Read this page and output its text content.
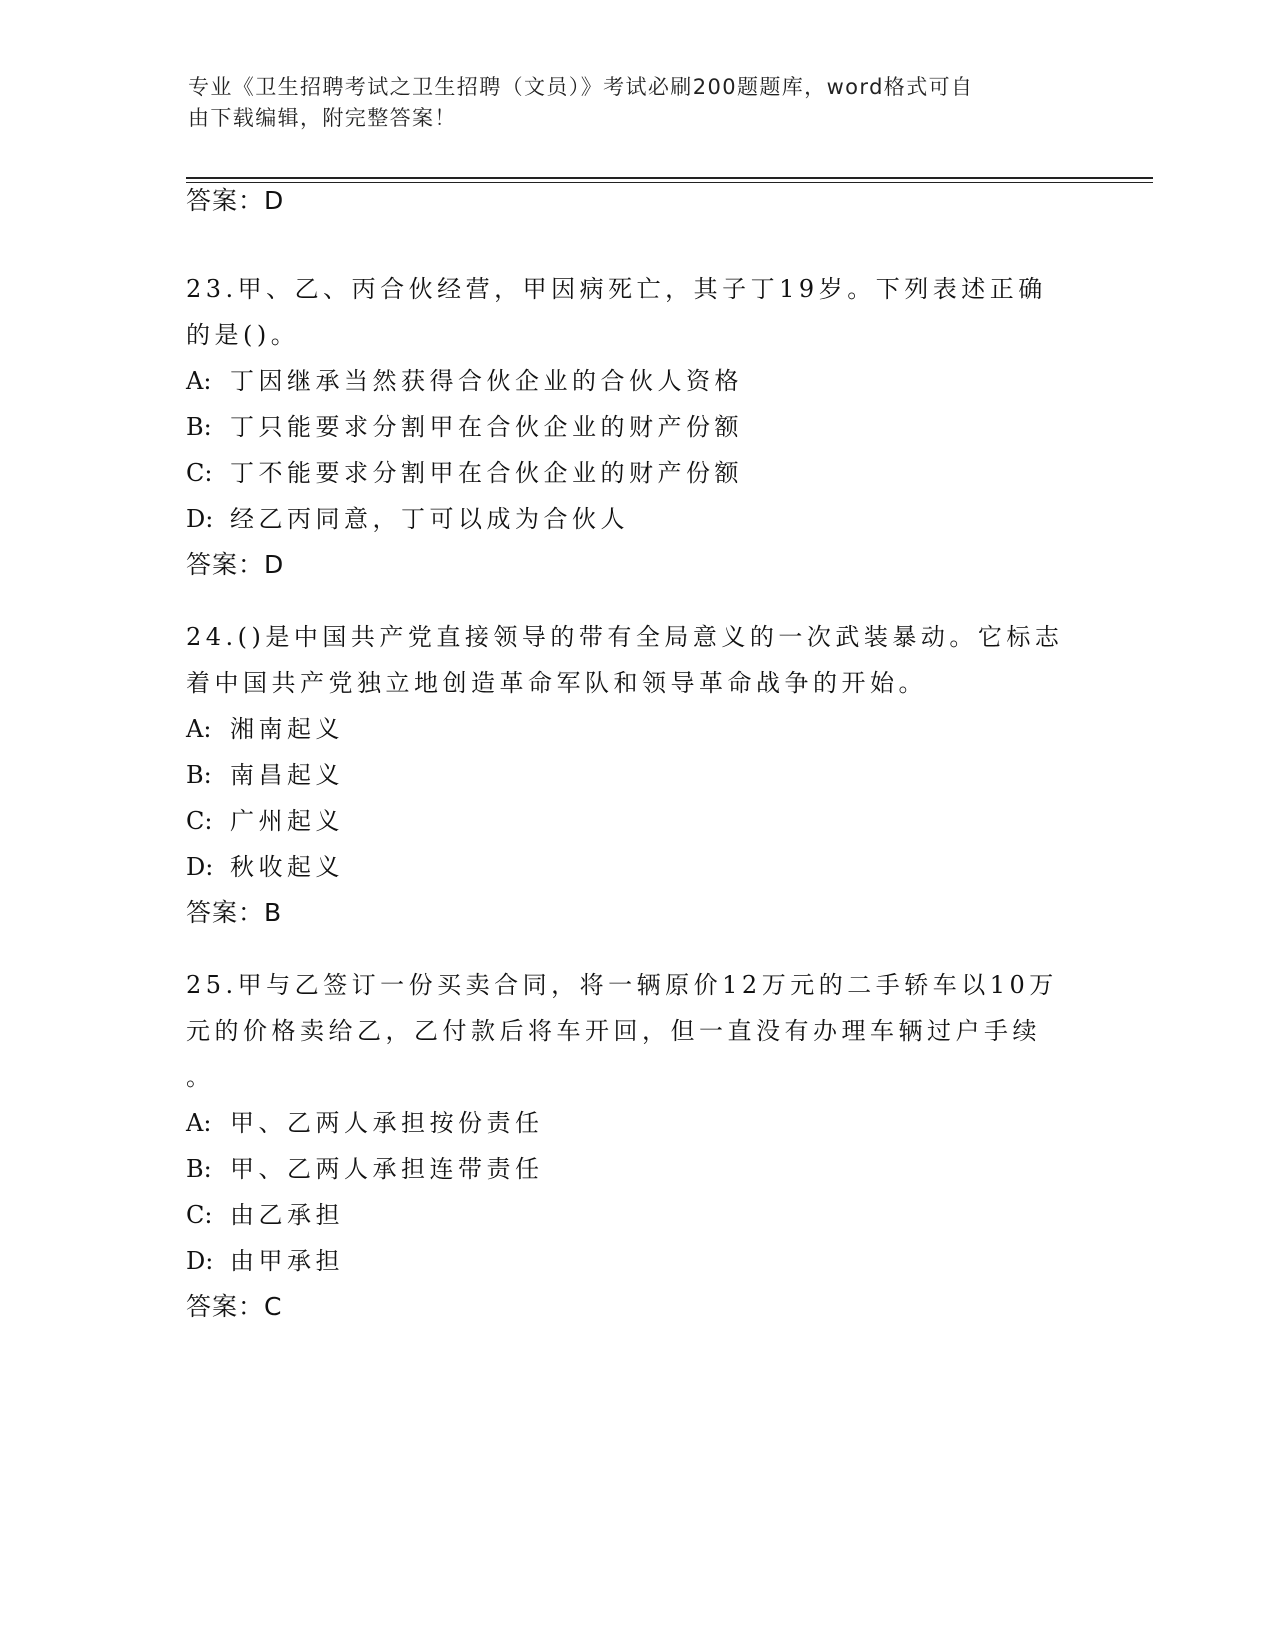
专业《卫生招聘考试之卫生招聘（文员）》考试必刷200题题库，word格式可自
由下载编辑，附完整答案！
答案：D
23.甲、乙、丙合伙经营，甲因病死亡，其子丁19岁。下列表述正确
的是()。
A: 丁因继承当然获得合伙企业的合伙人资格
B: 丁只能要求分割甲在合伙企业的财产份额
C: 丁不能要求分割甲在合伙企业的财产份额
D: 经乙丙同意，丁可以成为合伙人
答案：D
24.()是中国共产党直接领导的带有全局意义的一次武装暴动。它标志
着中国共产党独立地创造革命军队和领导革命战争的开始。
A: 湘南起义
B: 南昌起义
C: 广州起义
D: 秋收起义
答案：B
25.甲与乙签订一份买卖合同，将一辆原价12万元的二手轿车以10万
元的价格卖给乙，乙付款后将车开回，但一直没有办理车辆过户手续
。
A: 甲、乙两人承担按份责任
B: 甲、乙两人承担连带责任
C: 由乙承担
D: 由甲承担
答案：C
